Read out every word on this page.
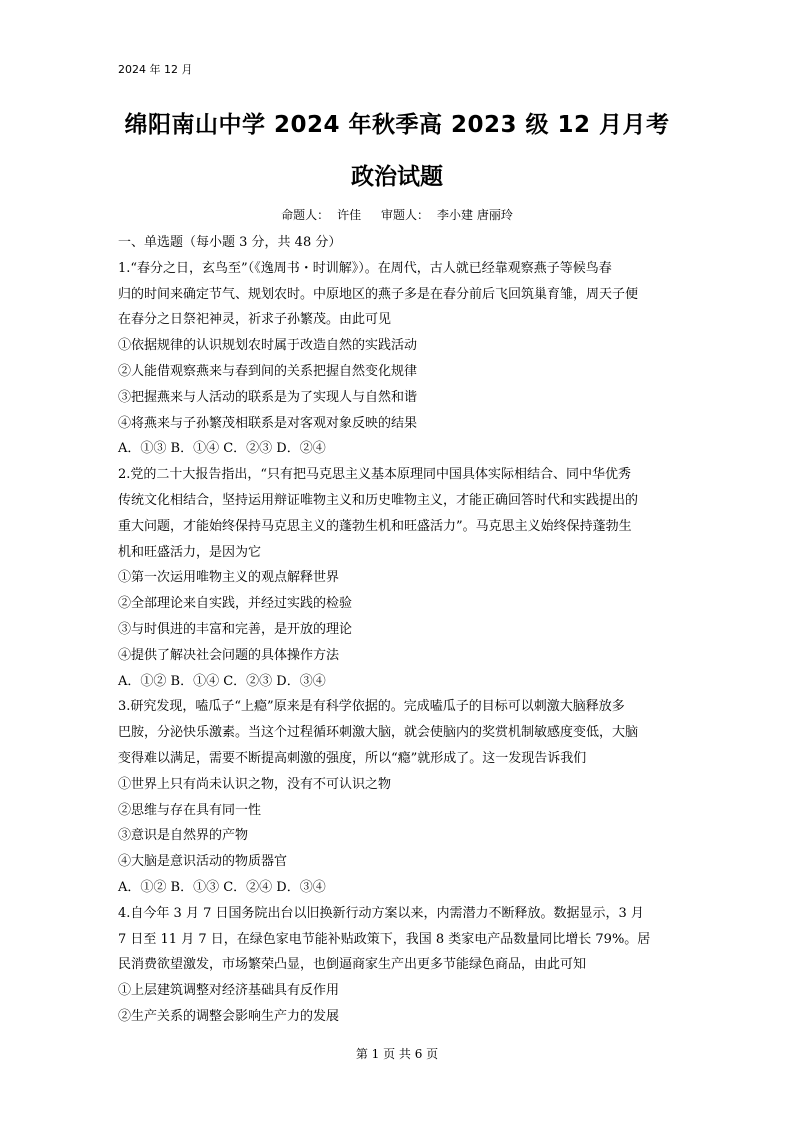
2024 年 12 月
绵阳南山中学 2024 年秋季高 2023 级 12 月月考
政治试题
命题人： 许佳 审题人： 李小建 唐丽玲
一、单选题（每小题 3 分，共 48 分）
1.“春分之日，玄鸟至”（《逸周书・时训解》）。在周代，古人就已经靠观察燕子等候鸟春
归的时间来确定节气、规划农时。中原地区的燕子多是在春分前后飞回筑巢育雏，周天子便
在春分之日祭祀神灵，祈求子孙繁茂。由此可见
①依据规律的认识规划农时属于改造自然的实践活动
②人能借观察燕来与春到间的关系把握自然变化规律
③把握燕来与人活动的联系是为了实现人与自然和谐
④将燕来与子孙繁茂相联系是对客观对象反映的结果
A．①③ B．①④ C．②③ D．②④
2.党的二十大报告指出，“只有把马克思主义基本原理同中国具体实际相结合、同中华优秀
传统文化相结合，坚持运用辩证唯物主义和历史唯物主义，才能正确回答时代和实践提出的
重大问题，才能始终保持马克思主义的蓬勃生机和旺盛活力”。马克思主义始终保持蓬勃生
机和旺盛活力，是因为它
①第一次运用唯物主义的观点解释世界
②全部理论来自实践，并经过实践的检验
③与时俱进的丰富和完善，是开放的理论
④提供了解决社会问题的具体操作方法
A．①② B．①④ C．②③ D．③④
3.研究发现，嗑瓜子“上瘾”原来是有科学依据的。完成嗑瓜子的目标可以刺激大脑释放多
巴胺，分泌快乐激素。当这个过程循环刺激大脑，就会使脑内的奖赏机制敏感度变低，大脑
变得难以满足，需要不断提高刺激的强度，所以“瘾”就形成了。这一发现告诉我们
①世界上只有尚未认识之物，没有不可认识之物
②思维与存在具有同一性
③意识是自然界的产物
④大脑是意识活动的物质器官
A．①② B．①③ C．②④ D．③④
4.自今年 3 月 7 日国务院出台以旧换新行动方案以来，内需潜力不断释放。数据显示，3 月
7 日至 11 月 7 日，在绿色家电节能补贴政策下，我国 8 类家电产品数量同比增长 79%。居
民消费欲望激发，市场繁荣凸显，也倒逼商家生产出更多节能绿色商品，由此可知
①上层建筑调整对经济基础具有反作用
②生产关系的调整会影响生产力的发展
第 1 页 共 6 页
